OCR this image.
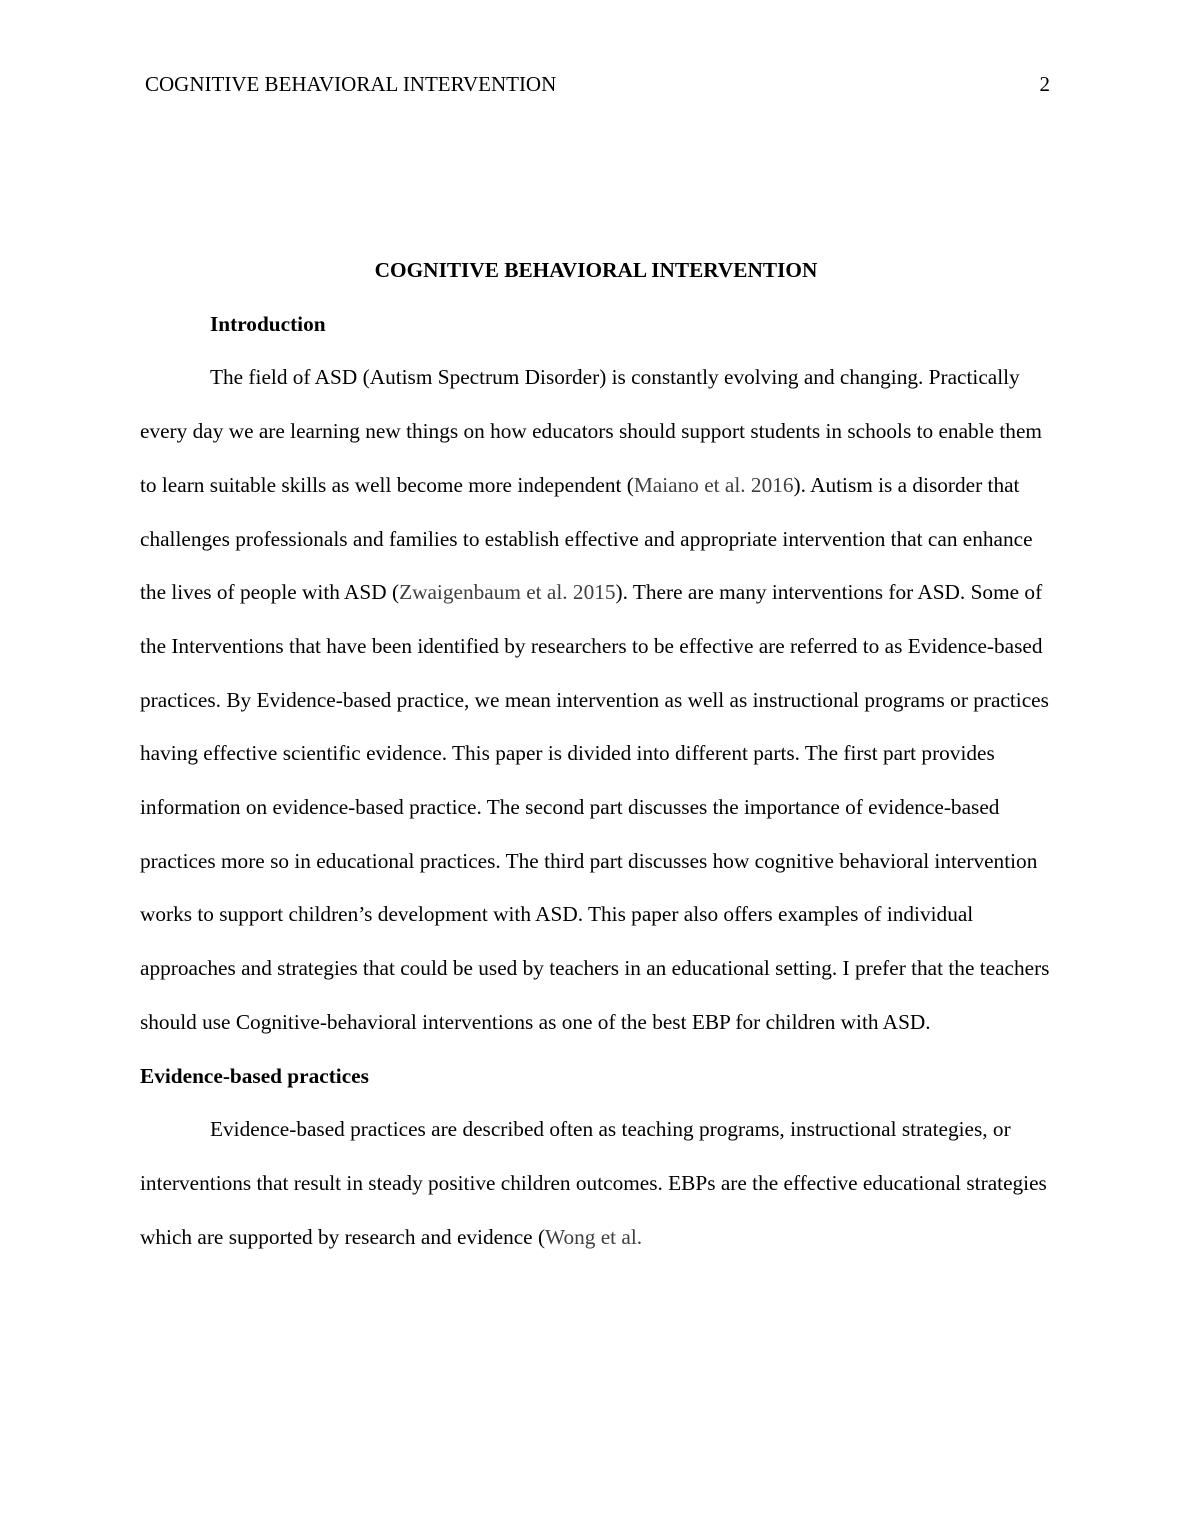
COGNITIVE BEHAVIORAL INTERVENTION	2
COGNITIVE BEHAVIORAL INTERVENTION
Introduction

The field of ASD (Autism Spectrum Disorder) is constantly evolving and changing. Practically every day we are learning new things on how educators should support students in schools to enable them to learn suitable skills as well become more independent (Maiano et al. 2016). Autism is a disorder that challenges professionals and families to establish effective and appropriate intervention that can enhance the lives of people with ASD (Zwaigenbaum et al. 2015). There are many interventions for ASD. Some of the Interventions that have been identified by researchers to be effective are referred to as Evidence-based practices. By Evidence-based practice, we mean intervention as well as instructional programs or practices having effective scientific evidence. This paper is divided into different parts. The first part provides information on evidence-based practice. The second part discusses the importance of evidence-based practices more so in educational practices. The third part discusses how cognitive behavioral intervention works to support children’s development with ASD. This paper also offers examples of individual approaches and strategies that could be used by teachers in an educational setting. I prefer that the teachers should use Cognitive-behavioral interventions as one of the best EBP for children with ASD.

Evidence-based practices

Evidence-based practices are described often as teaching programs, instructional strategies, or interventions that result in steady positive children outcomes. EBPs are the effective educational strategies which are supported by research and evidence (Wong et al.
